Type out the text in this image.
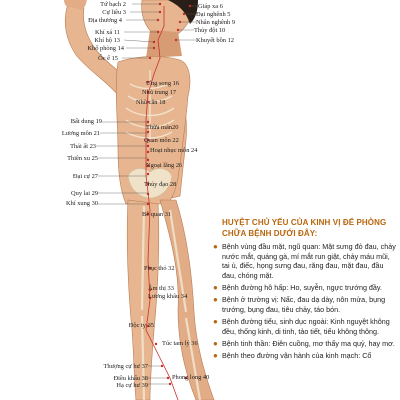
Tứ bạch 2
Cự liêu 3
Địa thương 4
Khí xá 11
Khí hộ 13
Khố phòng 14
Ốc ế 15
Bất dung 19
Lương môn 21
Thái ất 23
Thiên xu 25
Đại cự 27
Quy lai 29
Khí xung 30
Thượng cự hư 37
Điều khẩu 38
Hạ cự hư 39
Giáp xa 6
Đại nghênh 5
Nhân nghênh 9
Thủy đột 10
Khuyết bồn 12
Ưng song 16
Nhũ trung 17
Nhũ căn 18
Thừa mãn20
Quan môn 22
Hoạt nhục môn 24
Ngoại lăng 26
Thủy đạo 28
Bễ quan 31
Phục thỏ 32
Âm thị 33
Lương khâu 34
Độc tỵ 35
Túc tam lý 36
Phong long 40
HUYỆT CHỦ YẾU CỦA KINH VỊ ĐỂ PHÒNG CHỮA BỆNH DƯỚI ĐÂY:
● Bệnh vùng đầu mặt, ngũ quan: Mặt sưng đỏ đau, chảy nước mắt, quáng gà, mí mắt run giật, chảy máu mũi, tai ù, điếc, họng sưng đau, răng đau, mặt đau, đầu đau, chóng mặt.
● Bệnh đường hô hấp: Ho, suyễn, ngực trướng đầy.
● Bệnh ở trường vị: Nấc, đau dạ dày, nôn mửa, bụng trướng, bụng đau, tiêu chảy, táo bón.
● Bệnh đường tiểu, sinh dục ngoài: Kinh nguyệt không đều, thống kinh, di tinh, tảo tiết, tiểu không thông.
● Bệnh tinh thần: Điên cuồng, mơ thấy ma quỷ, hay mơ.
● Bệnh theo đường vận hành của kinh mạch: Cổ
